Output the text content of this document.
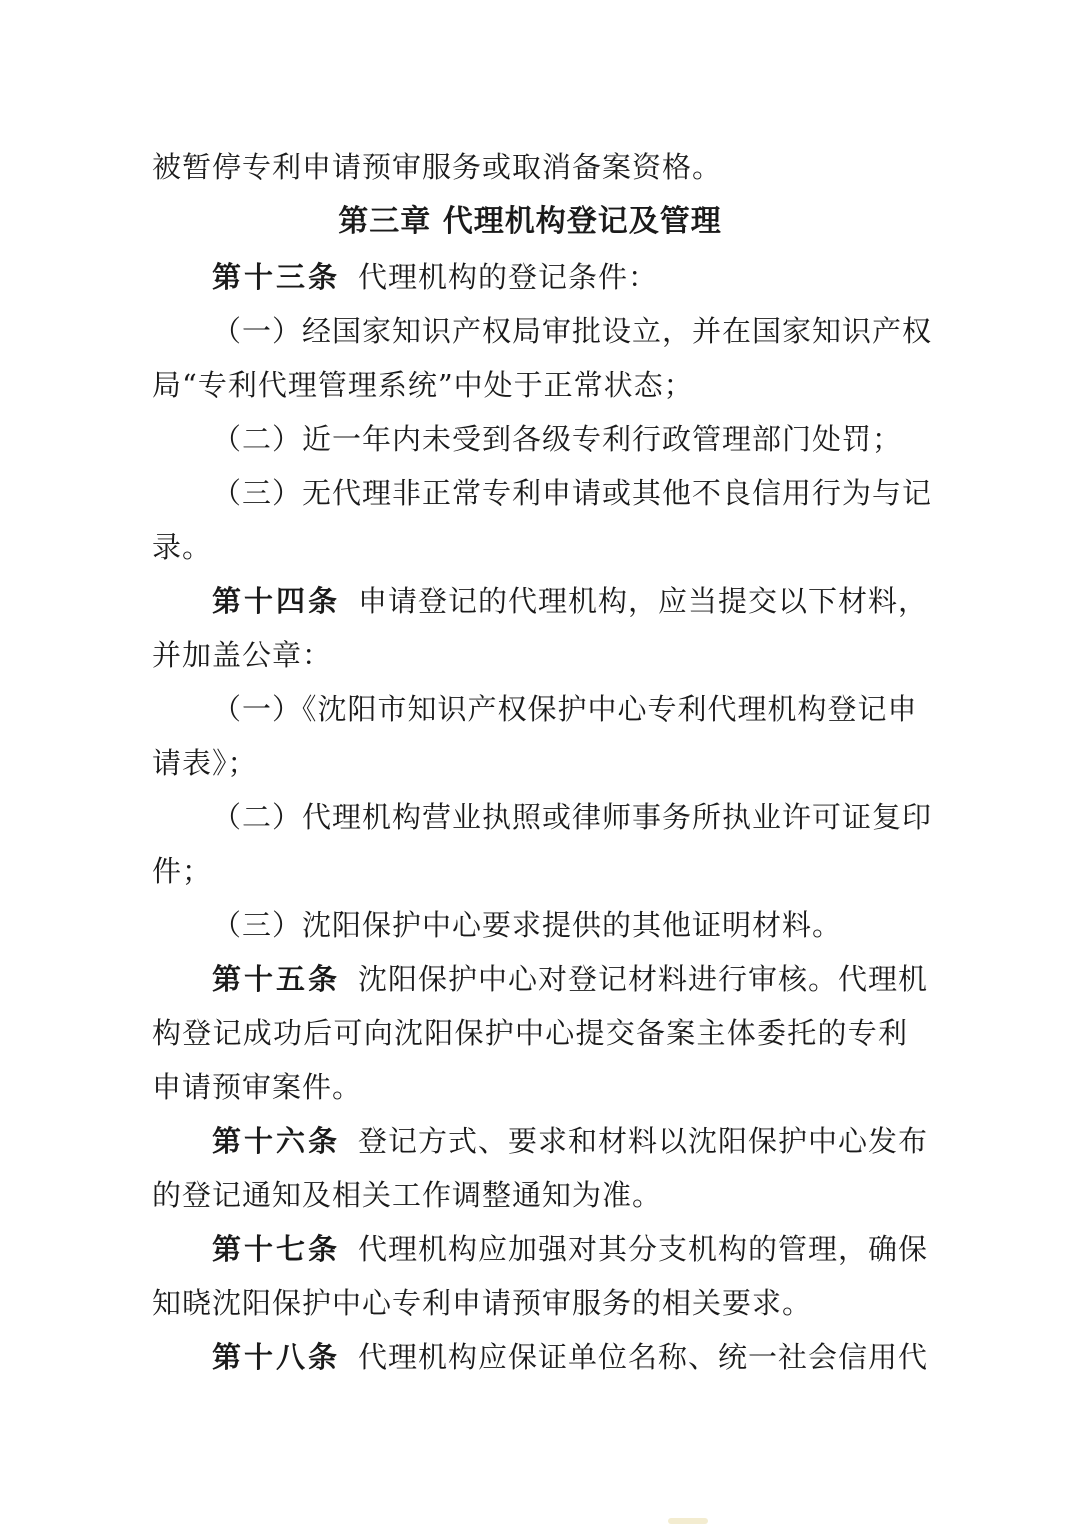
被暂停专利申请预审服务或取消备案资格。
第三章 代理机构登记及管理
第十三条 代理机构的登记条件：
（一）经国家知识产权局审批设立，并在国家知识产权
局“专利代理管理系统”中处于正常状态；
（二）近一年内未受到各级专利行政管理部门处罚；
（三）无代理非正常专利申请或其他不良信用行为与记
录。
第十四条 申请登记的代理机构，应当提交以下材料，
并加盖公章：
（一）《沈阳市知识产权保护中心专利代理机构登记申
请表》；
（二）代理机构营业执照或律师事务所执业许可证复印
件；
（三）沈阳保护中心要求提供的其他证明材料。
第十五条 沈阳保护中心对登记材料进行审核。代理机
构登记成功后可向沈阳保护中心提交备案主体委托的专利
申请预审案件。
第十六条 登记方式、要求和材料以沈阳保护中心发布
的登记通知及相关工作调整通知为准。
第十七条 代理机构应加强对其分支机构的管理，确保
知晓沈阳保护中心专利申请预审服务的相关要求。
第十八条 代理机构应保证单位名称、统一社会信用代
